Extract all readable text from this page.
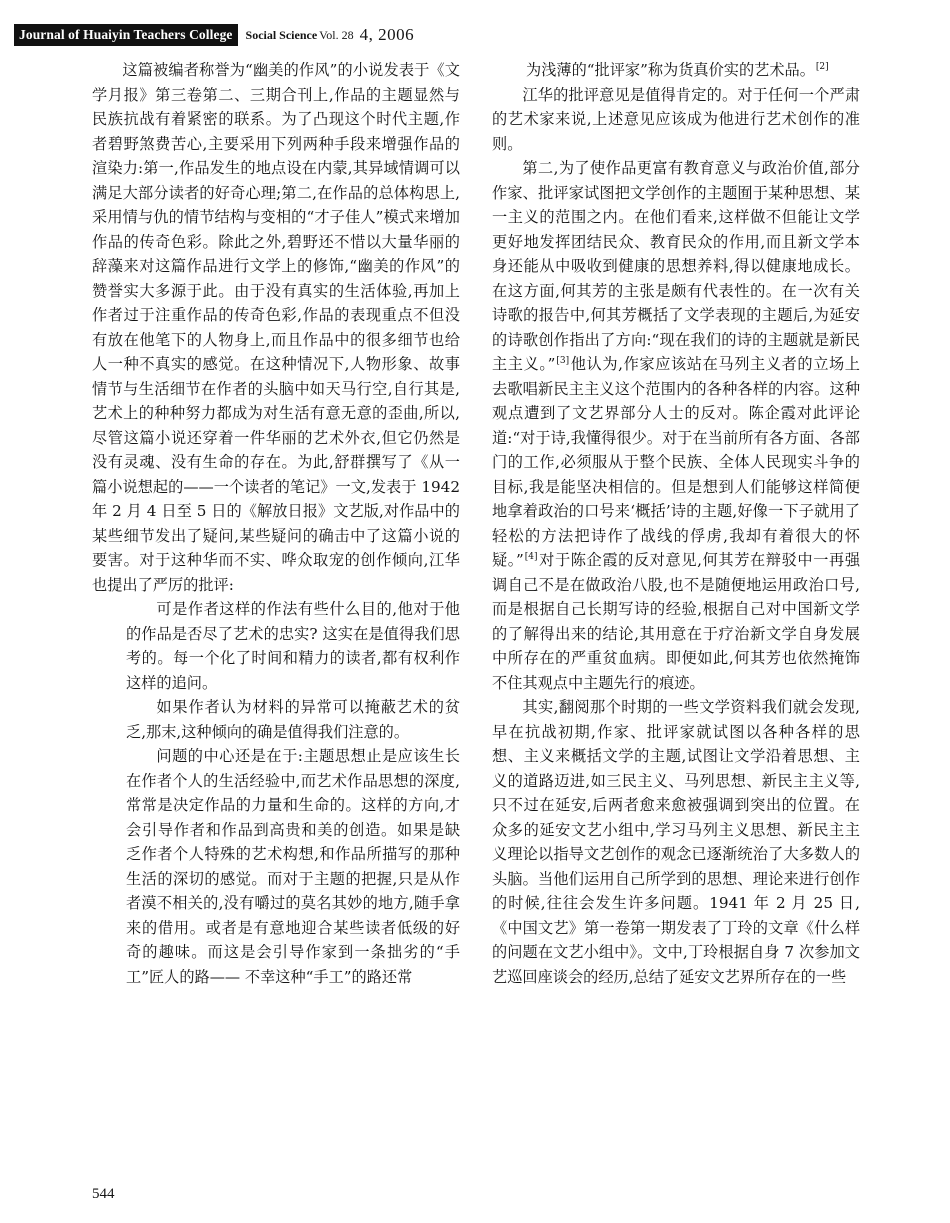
Journal of Huaiyin Teachers College	Social Science Vol. 28 4, 2006

这篇被编者称誉为“幽美的作风”的小说发表于《文学月报》第三卷第二、三期合刊上,作品的主题显然与民族抗战有着紧密的联系。为了凸现这个时代主题,作者碧野煞费苦心,主要采用下列两种手段来增强作品的渲染力:第一,作品发生的地点设在内蒙,其异域情调可以满足大部分读者的好奇心理;第二,在作品的总体构思上,采用情与仇的情节结构与变相的“才子佳人”模式来增加作品的传奇色彩。除此之外,碧野还不惜以大量华丽的辞藻来对这篇作品进行文学上的修饰,“幽美的作风”的赞誉实大多源于此。由于没有真实的生活体验,再加上作者过于注重作品的传奇色彩,作品的表现重点不但没有放在他笔下的人物身上,而且作品中的很多细节也给人一种不真实的感觉。在这种情况下,人物形象、故事情节与生活细节在作者的头脑中如天马行空,自行其是,艺术上的种种努力都成为对生活有意无意的歪曲,所以,尽管这篇小说还穿着一件华丽的艺术外衣,但它仍然是没有灵魂、没有生命的存在。为此,舒群撰写了《从一篇小说想起的——一个读者的笔记》一文,发表于 1942 年 2 月 4 日至 5 日的《解放日报》文艺版,对作品中的某些细节发出了疑问,某些疑问的确击中了这篇小说的要害。对于这种华而不实、哗众取宠的创作倾向,江华也提出了严厉的批评:

可是作者这样的作法有些什么目的,他对于他的作品是否尽了艺术的忠实? 这实在是值得我们思考的。每一个化了时间和精力的读者,都有权利作这样的追问。

如果作者认为材料的异常可以掩蔽艺术的贫乏,那末,这种倾向的确是值得我们注意的。

问题的中心还是在于:主题思想止是应该生长在作者个人的生活经验中,而艺术作品思想的深度,常常是决定作品的力量和生命的。这样的方向,才会引导作者和作品到高贵和美的创造。如果是缺乏作者个人特殊的艺术构想,和作品所描写的那种生活的深切的感觉。而对于主题的把握,只是从作者漠不相关的,没有嚼过的莫名其妙的地方,随手拿来的借用。或者是有意地迎合某些读者低级的好奇的趣味。而这是会引导作家到一条拙劣的“手工”匠人的路—— 不幸这种“手工”的路还常

为浅薄的“批评家”称为货真价实的艺术品。[2]

江华的批评意见是值得肯定的。对于任何一个严肃的艺术家来说,上述意见应该成为他进行艺术创作的准则。

第二,为了使作品更富有教育意义与政治价值,部分作家、批评家试图把文学创作的主题囿于某种思想、某一主义的范围之内。在他们看来,这样做不但能让文学更好地发挥团结民众、教育民众的作用,而且新文学本身还能从中吸收到健康的思想养料,得以健康地成长。在这方面,何其芳的主张是颇有代表性的。在一次有关诗歌的报告中,何其芳概括了文学表现的主题后,为延安的诗歌创作指出了方向:“现在我们的诗的主题就是新民主主义。”[3]他认为,作家应该站在马列主义者的立场上去歌唱新民主主义这个范围内的各种各样的内容。这种观点遭到了文艺界部分人士的反对。陈企霞对此评论道:“对于诗,我懂得很少。对于在当前所有各方面、各部门的工作,必须服从于整个民族、全体人民现实斗争的目标,我是能坚决相信的。但是想到人们能够这样简便地拿着政治的口号来‘概括’诗的主题,好像一下子就用了轻松的方法把诗作了战线的俘虏,我却有着很大的怀疑。”[4]对于陈企霞的反对意见,何其芳在辩驳中一再强调自己不是在做政治八股,也不是随便地运用政治口号,而是根据自己长期写诗的经验,根据自己对中国新文学的了解得出来的结论,其用意在于疗治新文学自身发展中所存在的严重贫血病。即便如此,何其芳也依然掩饰不住其观点中主题先行的痕迹。

其实,翻阅那个时期的一些文学资料我们就会发现,早在抗战初期,作家、批评家就试图以各种各样的思想、主义来概括文学的主题,试图让文学沿着思想、主义的道路迈进,如三民主义、马列思想、新民主主义等,只不过在延安,后两者愈来愈被强调到突出的位置。在众多的延安文艺小组中,学习马列主义思想、新民主主义理论以指导文艺创作的观念已逐渐统治了大多数人的头脑。当他们运用自己所学到的思想、理论来进行创作的时候,往往会发生许多问题。1941 年 2 月 25 日,《中国文艺》第一卷第一期发表了丁玲的文章《什么样的问题在文艺小组中》。文中,丁玲根据自身 7 次参加文艺巡回座谈会的经历,总结了延安文艺界所存在的一些

544
